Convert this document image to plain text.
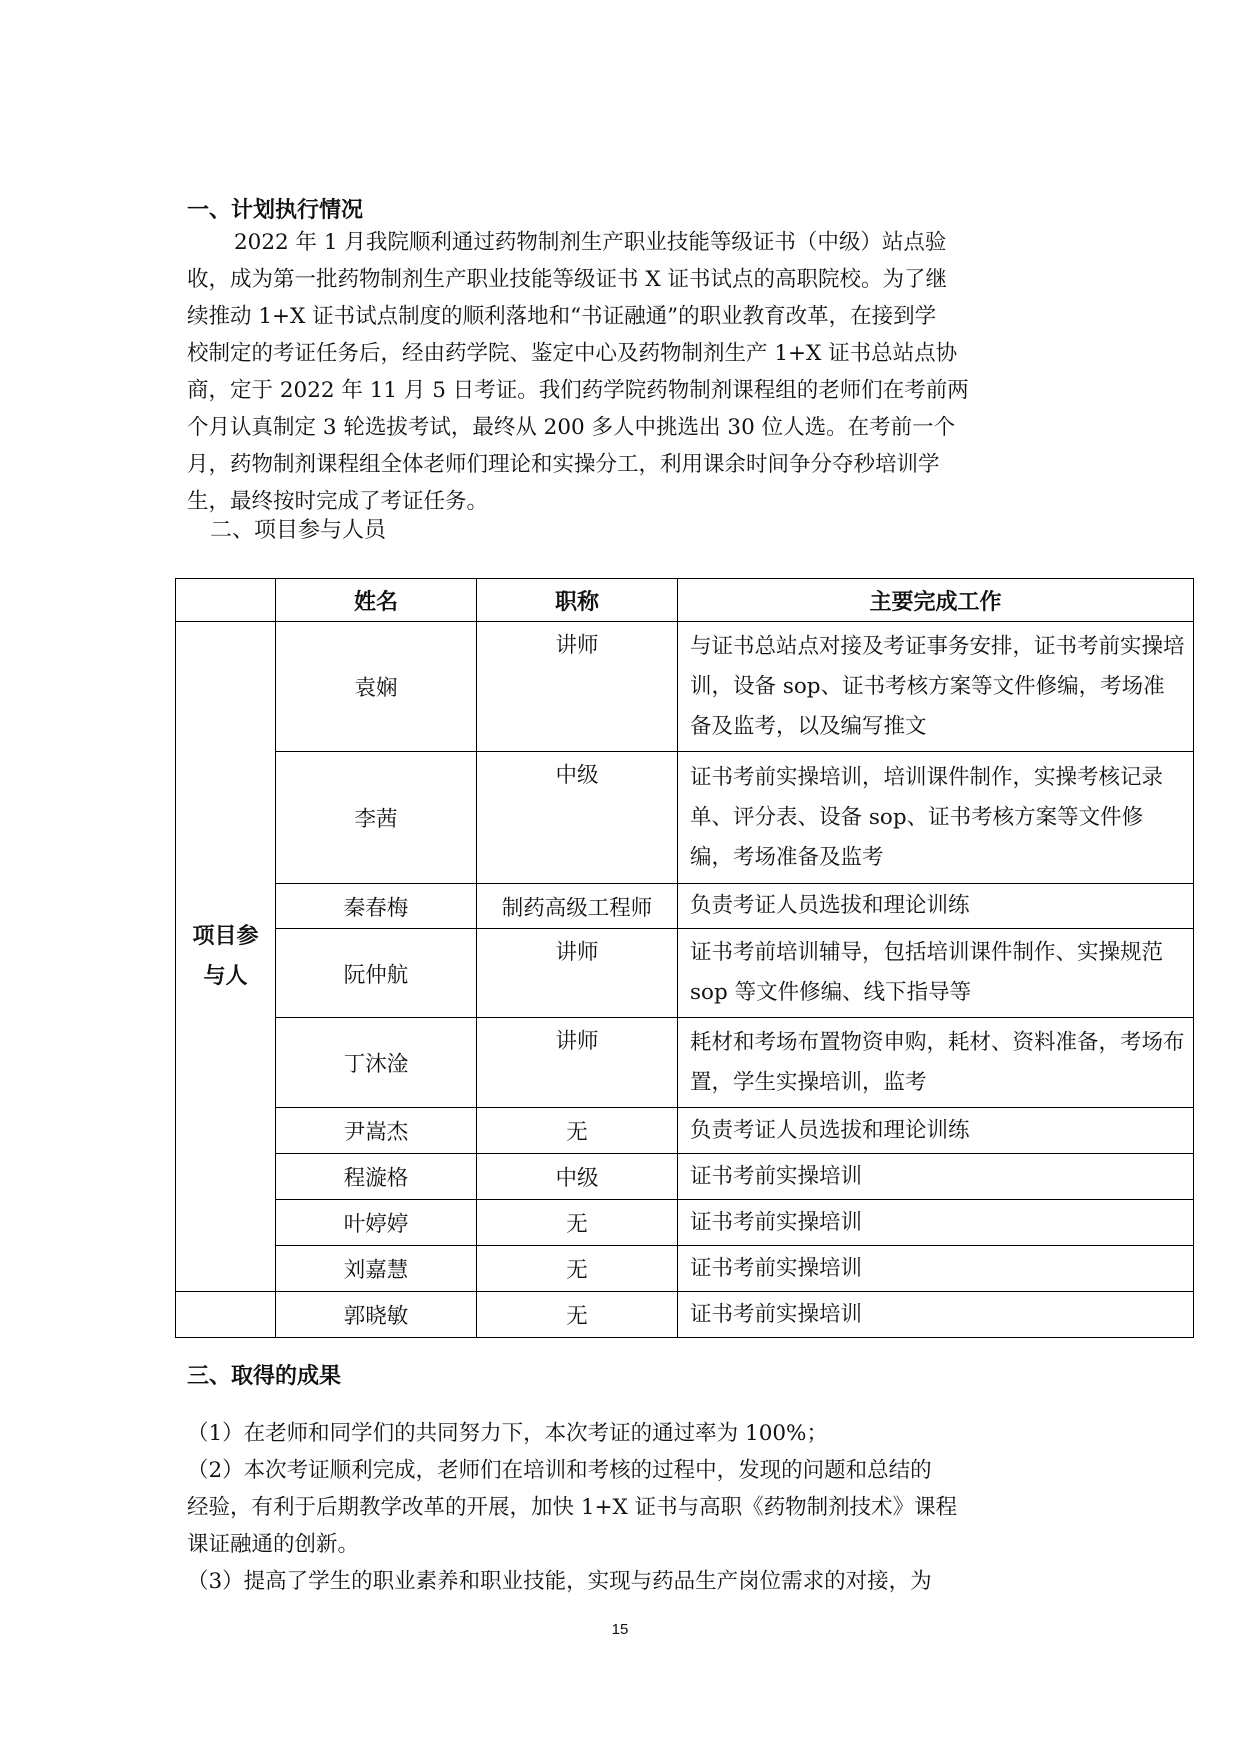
一、计划执行情况
2022 年 1 月我院顺利通过药物制剂生产职业技能等级证书（中级）站点验
收，成为第一批药物制剂生产职业技能等级证书 X 证书试点的高职院校。为了继
续推动 1+X 证书试点制度的顺利落地和“书证融通”的职业教育改革，在接到学
校制定的考证任务后，经由药学院、鉴定中心及药物制剂生产 1+X 证书总站点协
商，定于 2022 年 11 月 5 日考证。我们药学院药物制剂课程组的老师们在考前两
个月认真制定 3 轮选拔考试，最终从 200 多人中挑选出 30 位人选。在考前一个
月，药物制剂课程组全体老师们理论和实操分工，利用课余时间争分夺秒培训学
生，最终按时完成了考证任务。
二、项目参与人员
	姓名	职称	主要完成工作

项目参
与人	袁娴	讲师	与证书总站点对接及考证事务安排，证书考前实操培训，设备 sop、证书考核方案等文件修编，考场准备及监考，以及编写推文
	李茜	中级	证书考前实操培训，培训课件制作，实操考核记录单、评分表、设备 sop、证书考核方案等文件修编，考场准备及监考
	秦春梅	制药高级工程师	负责考证人员选拔和理论训练
	阮仲航	讲师	证书考前培训辅导，包括培训课件制作、实操规范 sop 等文件修编、线下指导等
	丁沐淦	讲师	耗材和考场布置物资申购，耗材、资料准备，考场布置，学生实操培训，监考
	尹嵩杰	无	负责考证人员选拔和理论训练
	程漩格	中级	证书考前实操培训
	叶婷婷	无	证书考前实操培训
	刘嘉慧	无	证书考前实操培训
	郭晓敏	无	证书考前实操培训
三、取得的成果
（1）在老师和同学们的共同努力下，本次考证的通过率为 100%；
（2）本次考证顺利完成，老师们在培训和考核的过程中，发现的问题和总结的
经验，有利于后期教学改革的开展，加快 1+X 证书与高职《药物制剂技术》课程
课证融通的创新。
（3）提高了学生的职业素养和职业技能，实现与药品生产岗位需求的对接，为
15
